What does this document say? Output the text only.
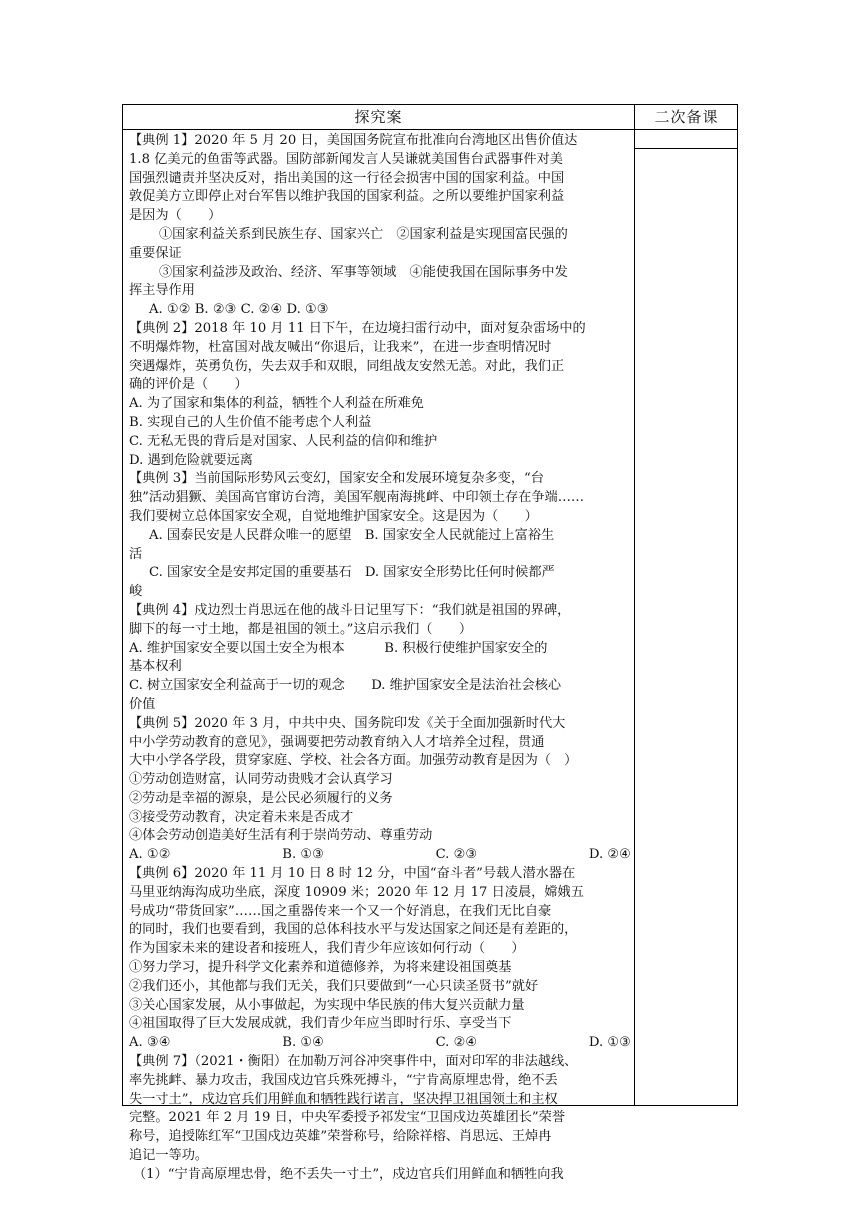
探究案	二次备课
【典例 1】2020 年 5 月 20 日，美国国务院宣布批准向台湾地区出售价值达
1.8 亿美元的鱼雷等武器。国防部新闻发言人吴谦就美国售台武器事件对美
国强烈谴责并坚决反对，指出美国的这一行径会损害中国的国家利益。中国
敦促美方立即停止对台军售以维护我国的国家利益。之所以要维护国家利益
是因为（　　）
①国家利益关系到民族生存、国家兴亡　②国家利益是实现国富民强的
重要保证
③国家利益涉及政治、经济、军事等领域　④能使我国在国际事务中发
挥主导作用
A. ①② B. ②③ C. ②④ D. ①③
【典例 2】2018 年 10 月 11 日下午，在边境扫雷行动中，面对复杂雷场中的
不明爆炸物，杜富国对战友喊出“你退后，让我来”，在进一步查明情况时
突遇爆炸，英勇负伤，失去双手和双眼，同组战友安然无恙。对此，我们正
确的评价是（　　）
A. 为了国家和集体的利益，牺牲个人利益在所难免
B. 实现自己的人生价值不能考虑个人利益
C. 无私无畏的背后是对国家、人民利益的信仰和维护
D. 遇到危险就要远离
【典例 3】当前国际形势风云变幻，国家安全和发展环境复杂多变，“台
独”活动猖獗、美国高官窜访台湾，美国军舰南海挑衅、中印领土存在争端……
我们要树立总体国家安全观，自觉地维护国家安全。这是因为（　　）
A. 国泰民安是人民群众唯一的愿望　B. 国家安全人民就能过上富裕生
活
C. 国家安全是安邦定国的重要基石　D. 国家安全形势比任何时候都严
峻
【典例 4】戍边烈士肖思远在他的战斗日记里写下：“我们就是祖国的界碑，
脚下的每一寸土地，都是祖国的领土。”这启示我们（　　）
A. 维护国家安全要以国土安全为根本　　　B. 积极行使维护国家安全的
基本权利
C. 树立国家安全利益高于一切的观念　　D. 维护国家安全是法治社会核心
价值
【典例 5】2020 年 3 月，中共中央、国务院印发《关于全面加强新时代大
中小学劳动教育的意见》，强调要把劳动教育纳入人才培养全过程，贯通
大中小学各学段，贯穿家庭、学校、社会各方面。加强劳动教育是因为（　）
①劳动创造财富，认同劳动贵贱才会认真学习
②劳动是幸福的源泉，是公民必须履行的义务
③接受劳动教育，决定着未来是否成才
④体会劳动创造美好生活有利于崇尚劳动、尊重劳动
A. ①②	B. ①③	C. ②③	D. ②④
【典例 6】2020 年 11 月 10 日 8 时 12 分，中国“奋斗者”号载人潜水器在
马里亚纳海沟成功坐底，深度 10909 米；2020 年 12 月 17 日凌晨，嫦娥五
号成功“带货回家”……国之重器传来一个又一个好消息，在我们无比自豪
的同时，我们也要看到，我国的总体科技水平与发达国家之间还是有差距的，
作为国家未来的建设者和接班人，我们青少年应该如何行动（　　）
①努力学习，提升科学文化素养和道德修养，为将来建设祖国奠基
②我们还小，其他都与我们无关，我们只要做到“一心只读圣贤书”就好
③关心国家发展，从小事做起，为实现中华民族的伟大复兴贡献力量
④祖国取得了巨大发展成就，我们青少年应当即时行乐、享受当下
A. ③④	B. ①④	C. ②④	D. ①③
【典例 7】（2021・衡阳）在加勒万河谷冲突事件中，面对印军的非法越线、
率先挑衅、暴力攻击，我国戍边官兵殊死搏斗，“宁肯高原埋忠骨，绝不丢
失一寸土”，戍边官兵们用鲜血和牺牲践行诺言，坚决捍卫祖国领土和主权
完整。2021 年 2 月 19 日，中央军委授予祁发宝“卫国戍边英雄团长”荣誉
称号，追授陈红军“卫国戍边英雄”荣誉称号，给除祥榕、肖思远、王焯冉
追记一等功。
（1）“宁肯高原埋忠骨，绝不丢失一寸土”，戍边官兵们用鲜血和牺牲向我
